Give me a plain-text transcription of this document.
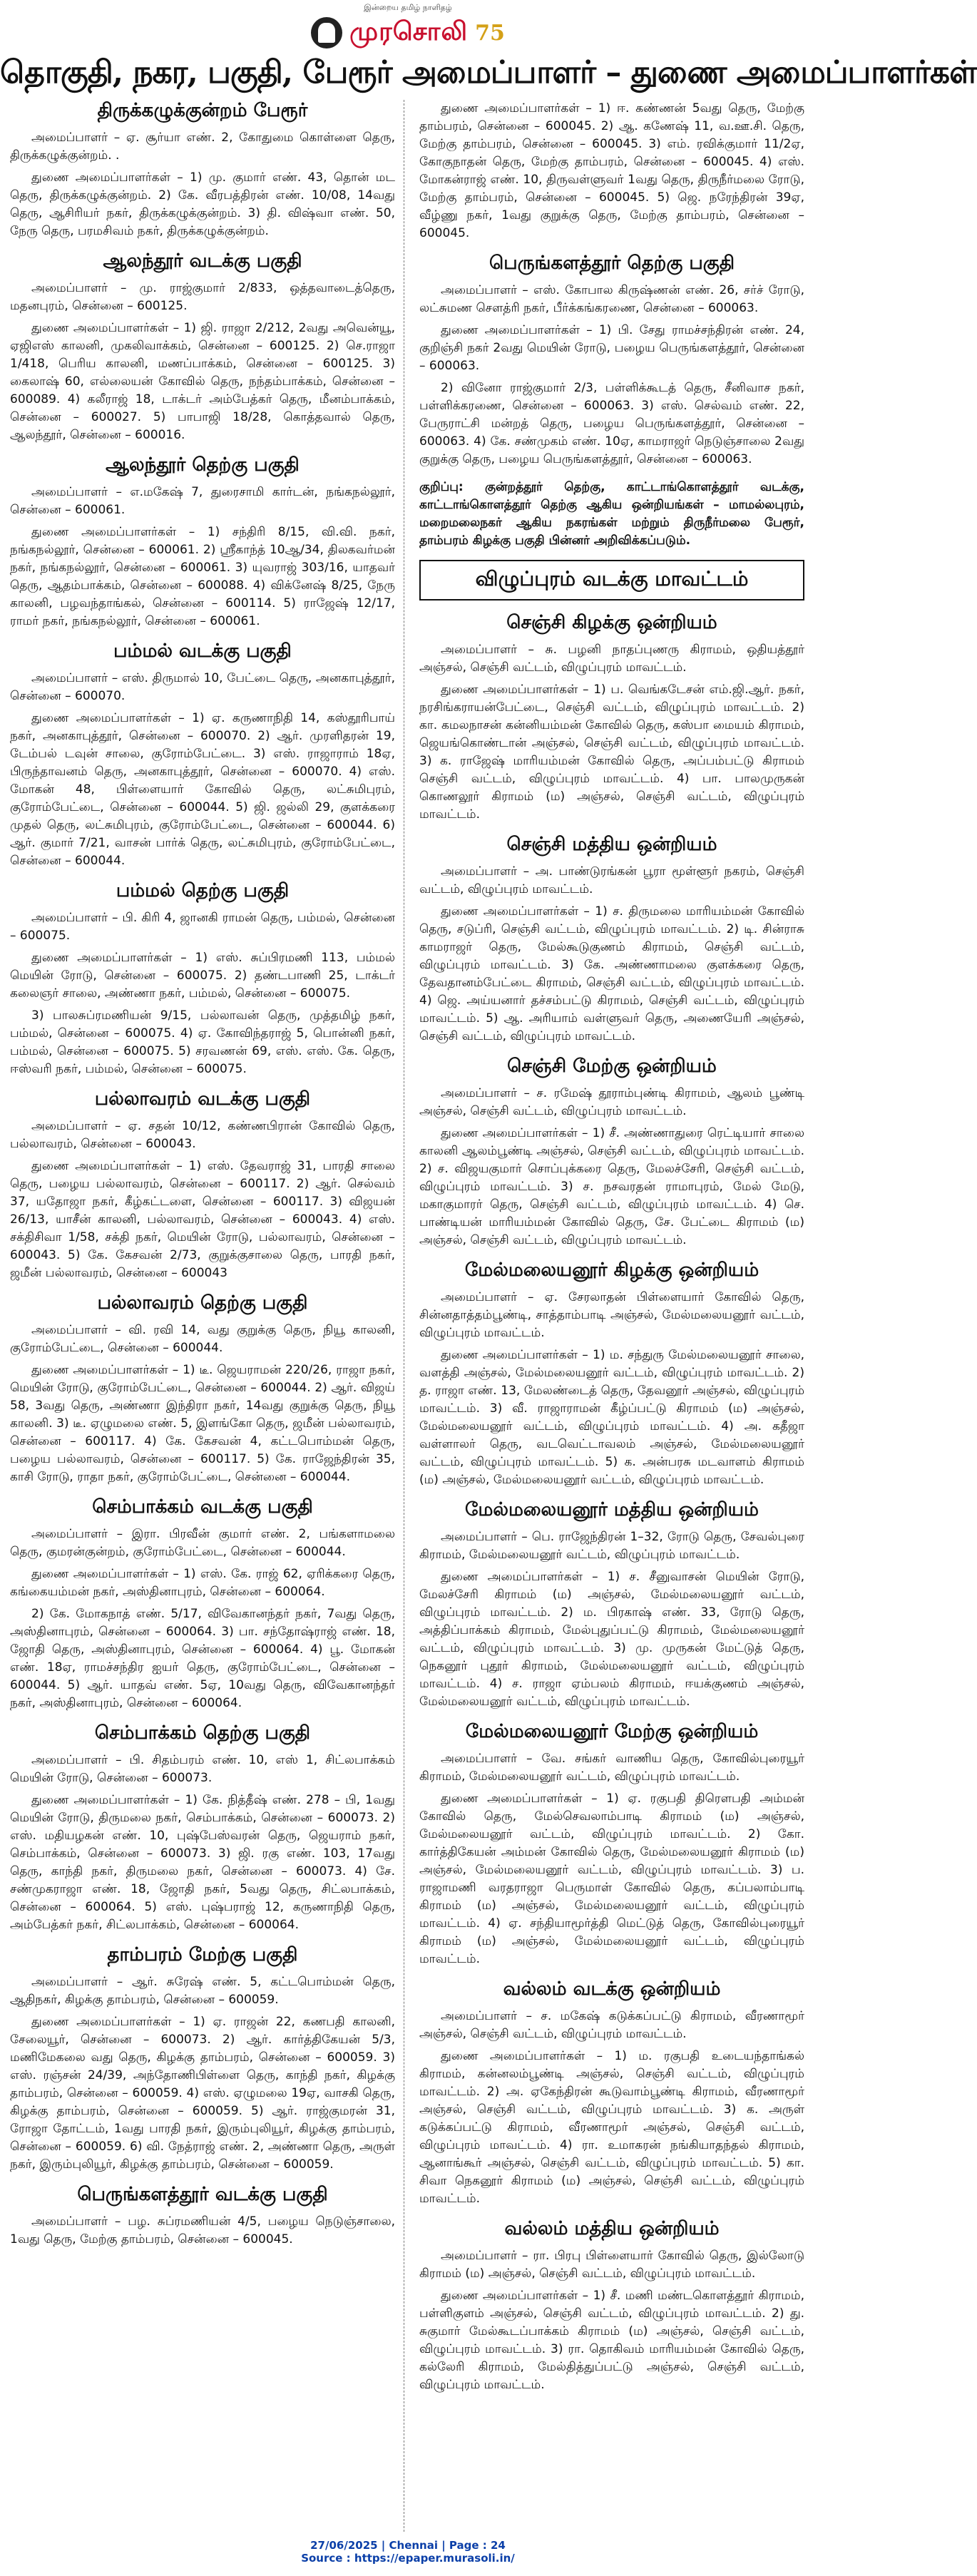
இன்றைய தமிழ் நாளிதழ்
முரசொலி 75
தொகுதி, நகர, பகுதி, பேரூர் அமைப்பாளர் – துணை அமைப்பாளர்கள்
திருக்கழுக்குன்றம் பேரூர்

அமைப்பாளர் – ஏ. சூர்யா எண். 2, கோதுமை கொள்ளை தெரு, திருக்கழுக்குன்றம். .

துணை அமைப்பாளர்கள் – 1) மு. குமார் எண். 43, தொன் மட தெரு, திருக்கழுக்குன்றம். 2) கே. வீரபத்திரன் எண். 10/08, 14வது தெரு, ஆசிரியர் நகர், திருக்கழுக்குன்றம். 3) தி. விஷ்வா எண். 50, நேரு தெரு, பரமசிவம் நகர், திருக்கழுக்குன்றம்.

ஆலந்தூர் வடக்கு பகுதி

அமைப்பாளர் – மு. ராஜ்குமார் 2/833, ஒத்தவாடைத்தெரு, மதனபுரம், சென்னை – 600125.

துணை அமைப்பாளர்கள் – 1) ஜி. ராஜா 2/212, 2வது அவென்யூ, ஏஜிஎஸ் காலனி, முகலிவாக்கம், சென்னை – 600125. 2) செ.ராஜா 1/418, பெரிய காலனி, மணப்பாக்கம், சென்னை – 600125. 3) கைலாஷ் 60, எல்லையன் கோவில் தெரு, நந்தம்பாக்கம், சென்னை – 600089. 4) கலீராஜ் 18, டாக்டர் அம்பேத்கர் தெரு, மீனம்பாக்கம், சென்னை – 600027. 5) பாபாஜி 18/28, கொத்தவால் தெரு, ஆலந்தூர், சென்னை – 600016.

ஆலந்தூர் தெற்கு பகுதி

அமைப்பாளர் – எ.மகேஷ் 7, துரைசாமி கார்டன், நங்கநல்லூர், சென்னை – 600061.

துணை அமைப்பாளர்கள் – 1) சந்திரி 8/15, வி.வி. நகர், நங்கநல்லூர், சென்னை – 600061. 2) ஸ்ரீகாந்த் 10ஆ/34, திலகவர்மன் நகர், நங்கநல்லூர், சென்னை – 600061. 3) யுவராஜ் 303/16, யாதவர் தெரு, ஆதம்பாக்கம், சென்னை – 600088. 4) விக்னேஷ் 8/25, நேரு காலனி, பழவந்தாங்கல், சென்னை – 600114. 5) ராஜேஷ் 12/17, ராமர் நகர், நங்கநல்லூர், சென்னை – 600061.

பம்மல் வடக்கு பகுதி

அமைப்பாளர் – எஸ். திருமால் 10, பேட்டை தெரு, அனகாபுத்தூர், சென்னை – 600070.

துணை அமைப்பாளர்கள் – 1) ஏ. கருணாநிதி 14, கஸ்தூரிபாய் நகர், அனகாபுத்தூர், சென்னை – 600070. 2) ஆர். முரளிதரன் 19, டேம்பல் டவுன் சாலை, குரோம்பேட்டை. 3) எஸ். ராஜாராம் 18ஏ, பிருந்தாவனம் தெரு, அனகாபுத்தூர், சென்னை – 600070. 4) எஸ். மோகன் 48, பிள்ளையார் கோவில் தெரு, லட்சுமிபுரம், குரோம்பேட்டை, சென்னை – 600044. 5) ஜி. ஜல்லி 29, குளக்கரை முதல் தெரு, லட்சுமிபுரம், குரோம்பேட்டை, சென்னை – 600044. 6) ஆர். குமார் 7/21, வாசன் பார்க் தெரு, லட்சுமிபுரம், குரோம்பேட்டை, சென்னை – 600044.

பம்மல் தெற்கு பகுதி

அமைப்பாளர் – பி. கிரி 4, ஜானகி ராமன் தெரு, பம்மல், சென்னை – 600075.

துணை அமைப்பாளர்கள் – 1) எஸ். சுப்பிரமணி 113, பம்மல் மெயின் ரோடு, சென்னை – 600075. 2) தண்டபாணி 25, டாக்டர் கலைஞர் சாலை, அண்ணா நகர், பம்மல், சென்னை – 600075.

3) பாலசுப்ரமணியன் 9/15, பல்லாவன் தெரு, முத்தமிழ் நகர், பம்மல், சென்னை – 600075. 4) ஏ. கோவிந்தராஜ் 5, பொன்னி நகர், பம்மல், சென்னை – 600075. 5) சரவணன் 69, எஸ். எஸ். கே. தெரு, ஈஸ்வரி நகர், பம்மல், சென்னை – 600075.

பல்லாவரம் வடக்கு பகுதி

அமைப்பாளர் – ஏ. சதன் 10/12, கண்ணபிரான் கோவில் தெரு, பல்லாவரம், சென்னை – 600043.

துணை அமைப்பாளர்கள் – 1) எஸ். தேவராஜ் 31, பாரதி சாலை தெரு, பழைய பல்லாவரம், சென்னை – 600117. 2) ஆர். செல்வம் 37, யதோஜா நகர், கீழ்கட்டளை, சென்னை – 600117. 3) விஜயன் 26/13, யாசீன் காலனி, பல்லாவரம், சென்னை – 600043. 4) எஸ். சக்திசிவா 1/58, சக்தி நகர், மெயின் ரோடு, பல்லாவரம், சென்னை – 600043. 5) கே. கேசவன் 2/73, குறுக்குசாலை தெரு, பாரதி நகர், ஜமீன் பல்லாவரம், சென்னை – 600043

பல்லாவரம் தெற்கு பகுதி

அமைப்பாளர் – வி. ரவி 14, வது குறுக்கு தெரு, நியூ காலனி, குரோம்பேட்டை, சென்னை – 600044.

துணை அமைப்பாளர்கள் – 1) டீ. ஜெயராமன் 220/26, ராஜா நகர், மெயின் ரோடு, குரோம்பேட்டை, சென்னை – 600044. 2) ஆர். விஜய் 58, 3வது தெரு, அண்ணா இந்திரா நகர், 14வது குறுக்கு தெரு, நியூ காலனி. 3) டீ. ஏழுமலை எண். 5, இளங்கோ தெரு, ஜமீன் பல்லாவரம், சென்னை – 600117. 4) கே. கேசவன் 4, கட்டபொம்மன் தெரு, பழைய பல்லாவரம், சென்னை – 600117. 5) கே. ராஜேந்திரன் 35, காசி ரோடு, ராதா நகர், குரோம்பேட்டை, சென்னை – 600044.

செம்பாக்கம் வடக்கு பகுதி

அமைப்பாளர் – இரா. பிரவீன் குமார் எண். 2, பங்களாமலை தெரு, குமரன்குன்றம், குரோம்பேட்டை, சென்னை – 600044.

துணை அமைப்பாளர்கள் – 1) எஸ். கே. ராஜ் 62, ஏரிக்கரை தெரு, கங்கையம்மன் நகர், அஸ்தினாபுரம், சென்னை – 600064.

2) கே. மோகநாத் எண். 5/17, விவேகானந்தர் நகர், 7வது தெரு, அஸ்தினாபுரம், சென்னை – 600064. 3) பா. சந்தோஷ்ராஜ் எண். 18, ஜோதி தெரு, அஸ்தினாபுரம், சென்னை – 600064. 4) பூ. மோகன் எண். 18ஏ, ராமச்சந்திர ஐயர் தெரு, குரோம்பேட்டை, சென்னை – 600044. 5) ஆர். யாதவ் எண். 5ஏ, 10வது தெரு, விவேகானந்தர் நகர், அஸ்தினாபுரம், சென்னை – 600064.

செம்பாக்கம் தெற்கு பகுதி

அமைப்பாளர் – பி. சிதம்பரம் எண். 10, எஸ் 1, சிட்லபாக்கம் மெயின் ரோடு, சென்னை – 600073.

துணை அமைப்பாளர்கள் – 1) கே. நித்தீஷ் எண். 278 – பி, 1வது மெயின் ரோடு, திருமலை நகர், செம்பாக்கம், சென்னை – 600073. 2) எஸ். மதியழகன் எண். 10, புஷ்பேஸ்வரன் தெரு, ஜெயராம் நகர், செம்பாக்கம், சென்னை – 600073. 3) ஜி. ரகு எண். 103, 17வது தெரு, காந்தி நகர், திருமலை நகர், சென்னை – 600073. 4) சே. சண்முகராஜா எண். 18, ஜோதி நகர், 5வது தெரு, சிட்லபாக்கம், சென்னை – 600064. 5) எஸ். புஷ்பராஜ் 12, கருணாநிதி தெரு, அம்பேத்கர் நகர், சிட்லபாக்கம், சென்னை – 600064.

தாம்பரம் மேற்கு பகுதி

அமைப்பாளர் – ஆர். சுரேஷ் எண். 5, கட்டபொம்மன் தெரு, ஆதிநகர், கிழக்கு தாம்பரம், சென்னை – 600059.

துணை அமைப்பாளர்கள் – 1) ஏ. ராஜன் 22, கணபதி காலனி, சேலையூர், சென்னை – 600073. 2) ஆர். கார்த்திகேயன் 5/3, மணிமேகலை வது தெரு, கிழக்கு தாம்பரம், சென்னை – 600059. 3) எஸ். ரஞ்சன் 24/39, அந்தோணிபிள்ளை தெரு, காந்தி நகர், கிழக்கு தாம்பரம், சென்னை – 600059. 4) எஸ். ஏழுமலை 19ஏ, வாசகி தெரு, கிழக்கு தாம்பரம், சென்னை – 600059. 5) ஆர். ராஜ்குமரன் 31, ரோஜா தோட்டம், 1வது பாரதி நகர், இரும்புலியூர், கிழக்கு தாம்பரம், சென்னை – 600059. 6) வி. நேத்ராஜ் எண். 2, அண்ணா தெரு, அருள் நகர், இரும்புலியூர், கிழக்கு தாம்பரம், சென்னை – 600059.

பெருங்களத்தூர் வடக்கு பகுதி

அமைப்பாளர் – பழ. சுப்ரமணியன் 4/5, பழைய நெடுஞ்சாலை, 1வது தெரு, மேற்கு தாம்பரம், சென்னை – 600045.

துணை அமைப்பாளர்கள் – 1) ஈ. கண்ணன் 5வது தெரு, மேற்கு தாம்பரம், சென்னை – 600045. 2) ஆ. கணேஷ் 11, வ.ஊ.சி. தெரு, மேற்கு தாம்பரம், சென்னை – 600045. 3) எம். ரவிக்குமார் 11/2ஏ, கோகுநாதன் தெரு, மேற்கு தாம்பரம், சென்னை – 600045. 4) எஸ். மோகன்ராஜ் எண். 10, திருவள்ளுவர் 1வது தெரு, திருநீர்மலை ரோடு, மேற்கு தாம்பரம், சென்னை – 600045. 5) ஜெ. நரேந்திரன் 39ஏ, வீழ்ணு நகர், 1வது குறுக்கு தெரு, மேற்கு தாம்பரம், சென்னை – 600045.

பெருங்களத்தூர் தெற்கு பகுதி

அமைப்பாளர் – எஸ். கோபால கிருஷ்ணன் எண். 26, சர்ச் ரோடு, லட்சுமண சௌத்ரி நகர், பீர்க்கங்கரணை, சென்னை – 600063.

துணை அமைப்பாளர்கள் – 1) பி. சேது ராமச்சந்திரன் எண். 24, குறிஞ்சி நகர் 2வது மெயின் ரோடு, பழைய பெருங்களத்தூர், சென்னை – 600063.

2) வினோ ராஜ்குமார் 2/3, பள்ளிக்கூடத் தெரு, சீனிவாச நகர், பள்ளிக்கரணை, சென்னை – 600063. 3) எஸ். செல்வம் எண். 22, பேருராட்சி மன்றத் தெரு, பழைய பெருங்களத்தூர், சென்னை – 600063. 4) கே. சண்முகம் எண். 10ஏ, காமராஜர் நெடுஞ்சாலை 2வது குறுக்கு தெரு, பழைய பெருங்களத்தூர், சென்னை – 600063.

குறிப்பு: குன்றத்தூர் தெற்கு, காட்டாங்கொளத்தூர் வடக்கு, காட்டாங்கொளத்தூர் தெற்கு ஆகிய ஒன்றியங்கள் – மாமல்லபுரம், மறைமலைநகர் ஆகிய நகரங்கள் மற்றும் திருநீர்மலை பேரூர், தாம்பரம் கிழக்கு பகுதி பின்னர் அறிவிக்கப்படும்.

விழுப்புரம் வடக்கு மாவட்டம்
செஞ்சி கிழக்கு ஒன்றியம்

அமைப்பாளர் – சு. பழனி நாதப்புணரு கிராமம், ஒதியத்தூர் அஞ்சல், செஞ்சி வட்டம், விழுப்புரம் மாவட்டம்.

துணை அமைப்பாளர்கள் – 1) ப. வெங்கடேசன் எம்.ஜி.ஆர். நகர், நரசிங்கராயன்பேட்டை, செஞ்சி வட்டம், விழுப்புரம் மாவட்டம். 2) கா. கமலநாசன் கன்னியம்மன் கோவில் தெரு, கஸ்பா மையம் கிராமம், ஜெயங்கொண்டான் அஞ்சல், செஞ்சி வட்டம், விழுப்புரம் மாவட்டம். 3) க. ராஜேஷ் மாரியம்மன் கோவில் தெரு, அப்பம்பட்டு கிராமம் செஞ்சி வட்டம், விழுப்புரம் மாவட்டம். 4) பா. பாலமுருகன் கொணலூர் கிராமம் (ம) அஞ்சல், செஞ்சி வட்டம், விழுப்புரம் மாவட்டம்.

செஞ்சி மத்திய ஒன்றியம்

அமைப்பாளர் – அ. பாண்டுரங்கன் பூரா மூள்ளூர் நகரம், செஞ்சி வட்டம், விழுப்புரம் மாவட்டம்.

துணை அமைப்பாளர்கள் – 1) ச. திருமலை மாரியம்மன் கோவில் தெரு, சடுப்ரி, செஞ்சி வட்டம், விழுப்புரம் மாவட்டம். 2) டி. சின்ராசு காமராஜர் தெரு, மேல்கூடுகுணம் கிராமம், செஞ்சி வட்டம், விழுப்புரம் மாவட்டம். 3) கே. அண்ணாமலை குளக்கரை தெரு, தேவதானம்பேட்டை கிராமம், செஞ்சி வட்டம், விழுப்புரம் மாவட்டம். 4) ஜெ. அய்யனார் தச்சம்பட்டு கிராமம், செஞ்சி வட்டம், விழுப்புரம் மாவட்டம். 5) ஆ. அரியாம் வள்ளுவர் தெரு, அணையேரி அஞ்சல், செஞ்சி வட்டம், விழுப்புரம் மாவட்டம்.

செஞ்சி மேற்கு ஒன்றியம்

அமைப்பாளர் – ச. ரமேஷ் தூராம்புண்டி கிராமம், ஆலம் பூண்டி அஞ்சல், செஞ்சி வட்டம், விழுப்புரம் மாவட்டம்.

துணை அமைப்பாளர்கள் – 1) சீ. அண்ணாதுரை ரெட்டியார் சாலை காலனி ஆலம்பூண்டி அஞ்சல், செஞ்சி வட்டம், விழுப்புரம் மாவட்டம். 2) ச. விஜயகுமார் சொப்புக்கரை தெரு, மேலச்சேரி, செஞ்சி வட்டம், விழுப்புரம் மாவட்டம். 3) ச. நசவரதன் ராமாபுரம், மேல் மேடு, மகாகுமாரர் தெரு, செஞ்சி வட்டம், விழுப்புரம் மாவட்டம். 4) செ. பாண்டியன் மாரியம்மன் கோவில் தெரு, சே. பேட்டை கிராமம் (ம) அஞ்சல், செஞ்சி வட்டம், விழுப்புரம் மாவட்டம்.

மேல்மலையனூர் கிழக்கு ஒன்றியம்

அமைப்பாளர் – ஏ. சேரலாதன் பிள்ளையார் கோவில் தெரு, சின்னதாத்தம்பூண்டி, சாத்தாம்பாடி அஞ்சல், மேல்மலையனூர் வட்டம், விழுப்புரம் மாவட்டம்.

துணை அமைப்பாளர்கள் – 1) ம. சந்துரு மேல்மலையனூர் சாலை, வளத்தி அஞ்சல், மேல்மலையனூர் வட்டம், விழுப்புரம் மாவட்டம். 2) த. ராஜா எண். 13, மேலண்டைத் தெரு, தேவனூர் அஞ்சல், விழுப்புரம் மாவட்டம். 3) வீ. ராஜாராமன் கீழ்ப்பட்டு கிராமம் (ம) அஞ்சல், மேல்மலையனூர் வட்டம், விழுப்புரம் மாவட்டம். 4) அ. கதீஜா வள்ளாலர் தெரு, வடவெட்டாவலம் அஞ்சல், மேல்மலையனூர் வட்டம், விழுப்புரம் மாவட்டம். 5) க. அன்பரசு மடவாளம் கிராமம் (ம) அஞ்சல், மேல்மலையனூர் வட்டம், விழுப்புரம் மாவட்டம்.

மேல்மலையனூர் மத்திய ஒன்றியம்

அமைப்பாளர் – பெ. ராஜேந்திரன் 1–32, ரோடு தெரு, சேவல்புரை கிராமம், மேல்மலையனூர் வட்டம், விழுப்புரம் மாவட்டம்.

துணை அமைப்பாளர்கள் – 1) ச. சீனுவாசன் மெயின் ரோடு, மேலச்சேரி கிராமம் (ம) அஞ்சல், மேல்மலையனூர் வட்டம், விழுப்புரம் மாவட்டம். 2) ம. பிரகாஷ் எண். 33, ரோடு தெரு, அத்திப்பாக்கம் கிராமம், மேல்புதுப்பட்டு கிராமம், மேல்மலையனூர் வட்டம், விழுப்புரம் மாவட்டம். 3) மு. முருகன் மேட்டுத் தெரு, நெகனூர் புதூர் கிராமம், மேல்மலையனூர் வட்டம், விழுப்புரம் மாவட்டம். 4) ச. ராஜா ஏம்பலம் கிராமம், ஈயக்குணம் அஞ்சல், மேல்மலையனூர் வட்டம், விழுப்புரம் மாவட்டம்.

மேல்மலையனூர் மேற்கு ஒன்றியம்

அமைப்பாளர் – வே. சங்கர் வாணிய தெரு, கோவில்புரையூர் கிராமம், மேல்மலையனூர் வட்டம், விழுப்புரம் மாவட்டம்.

துணை அமைப்பாளர்கள் – 1) ஏ. ரகுபதி திரௌபதி அம்மன் கோவில் தெரு, மேல்செவலாம்பாடி கிராமம் (ம) அஞ்சல், மேல்மலையனூர் வட்டம், விழுப்புரம் மாவட்டம். 2) கோ. கார்த்திகேயன் அம்மன் கோவில் தெரு, மேல்மலையனூர் கிராமம் (ம) அஞ்சல், மேல்மலையனூர் வட்டம், விழுப்புரம் மாவட்டம். 3) ப. ராஜாமணி வரதராஜா பெருமாள் கோவில் தெரு, கப்பலாம்பாடி கிராமம் (ம) அஞ்சல், மேல்மலையனூர் வட்டம், விழுப்புரம் மாவட்டம். 4) ஏ. சந்தியாமூர்த்தி மெட்டுத் தெரு, கோவில்புரையூர் கிராமம் (ம) அஞ்சல், மேல்மலையனூர் வட்டம், விழுப்புரம் மாவட்டம்.

வல்லம் வடக்கு ஒன்றியம்

அமைப்பாளர் – ச. மகேஷ் கடுக்கப்பட்டு கிராமம், வீரணாமூர் அஞ்சல், செஞ்சி வட்டம், விழுப்புரம் மாவட்டம்.

துணை அமைப்பாளர்கள் – 1) ம. ரகுபதி உடையந்தாங்கல் கிராமம், கன்னலம்பூண்டி அஞ்சல், செஞ்சி வட்டம், விழுப்புரம் மாவட்டம். 2) அ. ஏகேந்திரன் கூடுவாம்பூண்டி கிராமம், வீரணாமூர் அஞ்சல், செஞ்சி வட்டம், விழுப்புரம் மாவட்டம். 3) க. அருள் கடுக்கப்பட்டு கிராமம், வீரணாமூர் அஞ்சல், செஞ்சி வட்டம், விழுப்புரம் மாவட்டம். 4) ரா. உமாகரன் நங்கியாதந்தல் கிராமம், ஆனாங்கூர் அஞ்சல், செஞ்சி வட்டம், விழுப்புரம் மாவட்டம். 5) கா. சிவா நெகனூர் கிராமம் (ம) அஞ்சல், செஞ்சி வட்டம், விழுப்புரம் மாவட்டம்.

வல்லம் மத்திய ஒன்றியம்

அமைப்பாளர் – ரா. பிரபு பிள்ளையார் கோவில் தெரு, இல்லோடு கிராமம் (ம) அஞ்சல், செஞ்சி வட்டம், விழுப்புரம் மாவட்டம்.

துணை அமைப்பாளர்கள் – 1) சீ. மணி மண்டகொளத்தூர் கிராமம், பள்ளிகுளம் அஞ்சல், செஞ்சி வட்டம், விழுப்புரம் மாவட்டம். 2) து. சுகுமார் மேல்கூடப்பாக்கம் கிராமம் (ம) அஞ்சல், செஞ்சி வட்டம், விழுப்புரம் மாவட்டம். 3) ரா. தொகிவம் மாரியம்மன் கோவில் தெரு, கல்லேரி கிராமம், மேல்தித்துப்பட்டு அஞ்சல், செஞ்சி வட்டம், விழுப்புரம் மாவட்டம்.

27/06/2025 | Chennai | Page : 24
Source : https://epaper.murasoli.in/
